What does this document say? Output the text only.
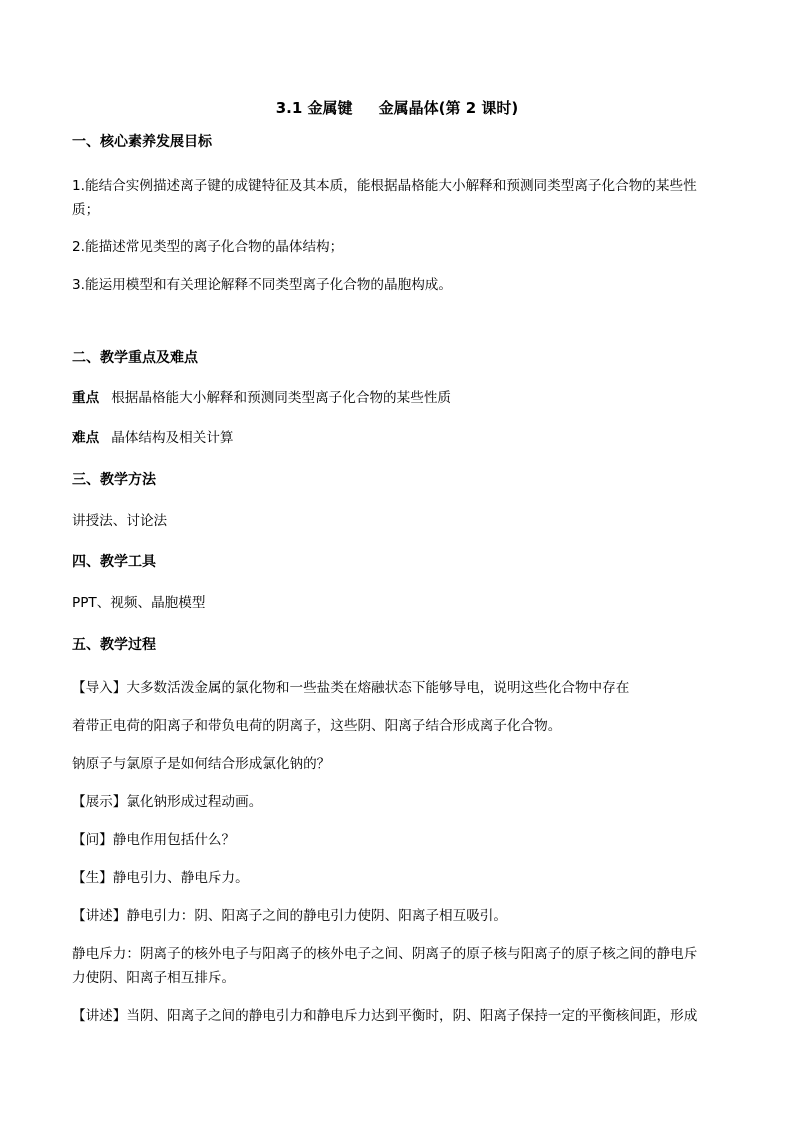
3.1 金属键     金属晶体(第 2 课时)
一、核心素养发展目标
1.能结合实例描述离子键的成键特征及其本质，能根据晶格能大小解释和预测同类型离子化合物的某些性
质；
2.能描述常见类型的离子化合物的晶体结构；
3.能运用模型和有关理论解释不同类型离子化合物的晶胞构成。
二、教学重点及难点
重点 根据晶格能大小解释和预测同类型离子化合物的某些性质
难点 晶体结构及相关计算
三、教学方法
讲授法、讨论法
四、教学工具
PPT、视频、晶胞模型
五、教学过程
【导入】大多数活泼金属的氯化物和一些盐类在熔融状态下能够导电，说明这些化合物中存在
着带正电荷的阳离子和带负电荷的阴离子，这些阴、阳离子结合形成离子化合物。
钠原子与氯原子是如何结合形成氯化钠的？
【展示】氯化钠形成过程动画。
【问】静电作用包括什么？
【生】静电引力、静电斥力。
【讲述】静电引力：阴、阳离子之间的静电引力使阴、阳离子相互吸引。
静电斥力：阴离子的核外电子与阳离子的核外电子之间、阴离子的原子核与阳离子的原子核之间的静电斥
力使阴、阳离子相互排斥。
【讲述】当阴、阳离子之间的静电引力和静电斥力达到平衡时，阴、阳离子保持一定的平衡核间距，形成
